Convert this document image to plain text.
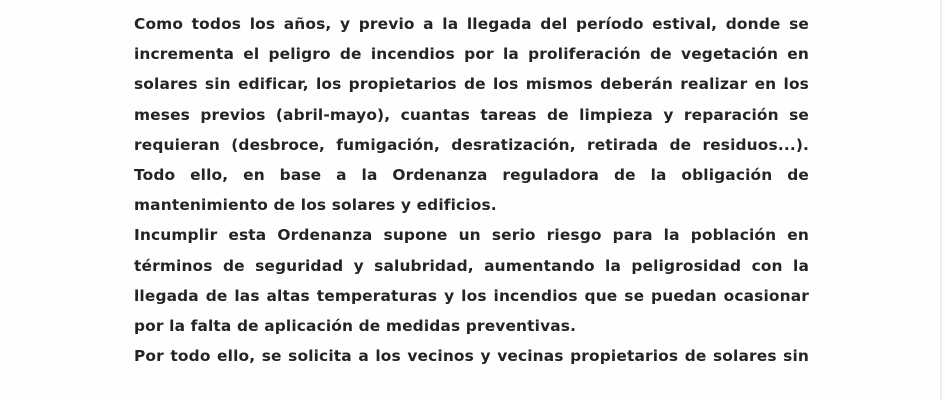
Como todos los años, y previo a la llegada del período estival, donde se
incrementa el peligro de incendios por la proliferación de vegetación en
solares sin edificar, los propietarios de los mismos deberán realizar en los
meses previos (abril-mayo), cuantas tareas de limpieza y reparación se
requieran (desbroce, fumigación, desratización, retirada de residuos...).
Todo ello, en base a la Ordenanza reguladora de la obligación de
mantenimiento de los solares y edificios.
Incumplir esta Ordenanza supone un serio riesgo para la población en
términos de seguridad y salubridad, aumentando la peligrosidad con la
llegada de las altas temperaturas y los incendios que se puedan ocasionar
por la falta de aplicación de medidas preventivas.
Por todo ello, se solicita a los vecinos y vecinas propietarios de solares sin
